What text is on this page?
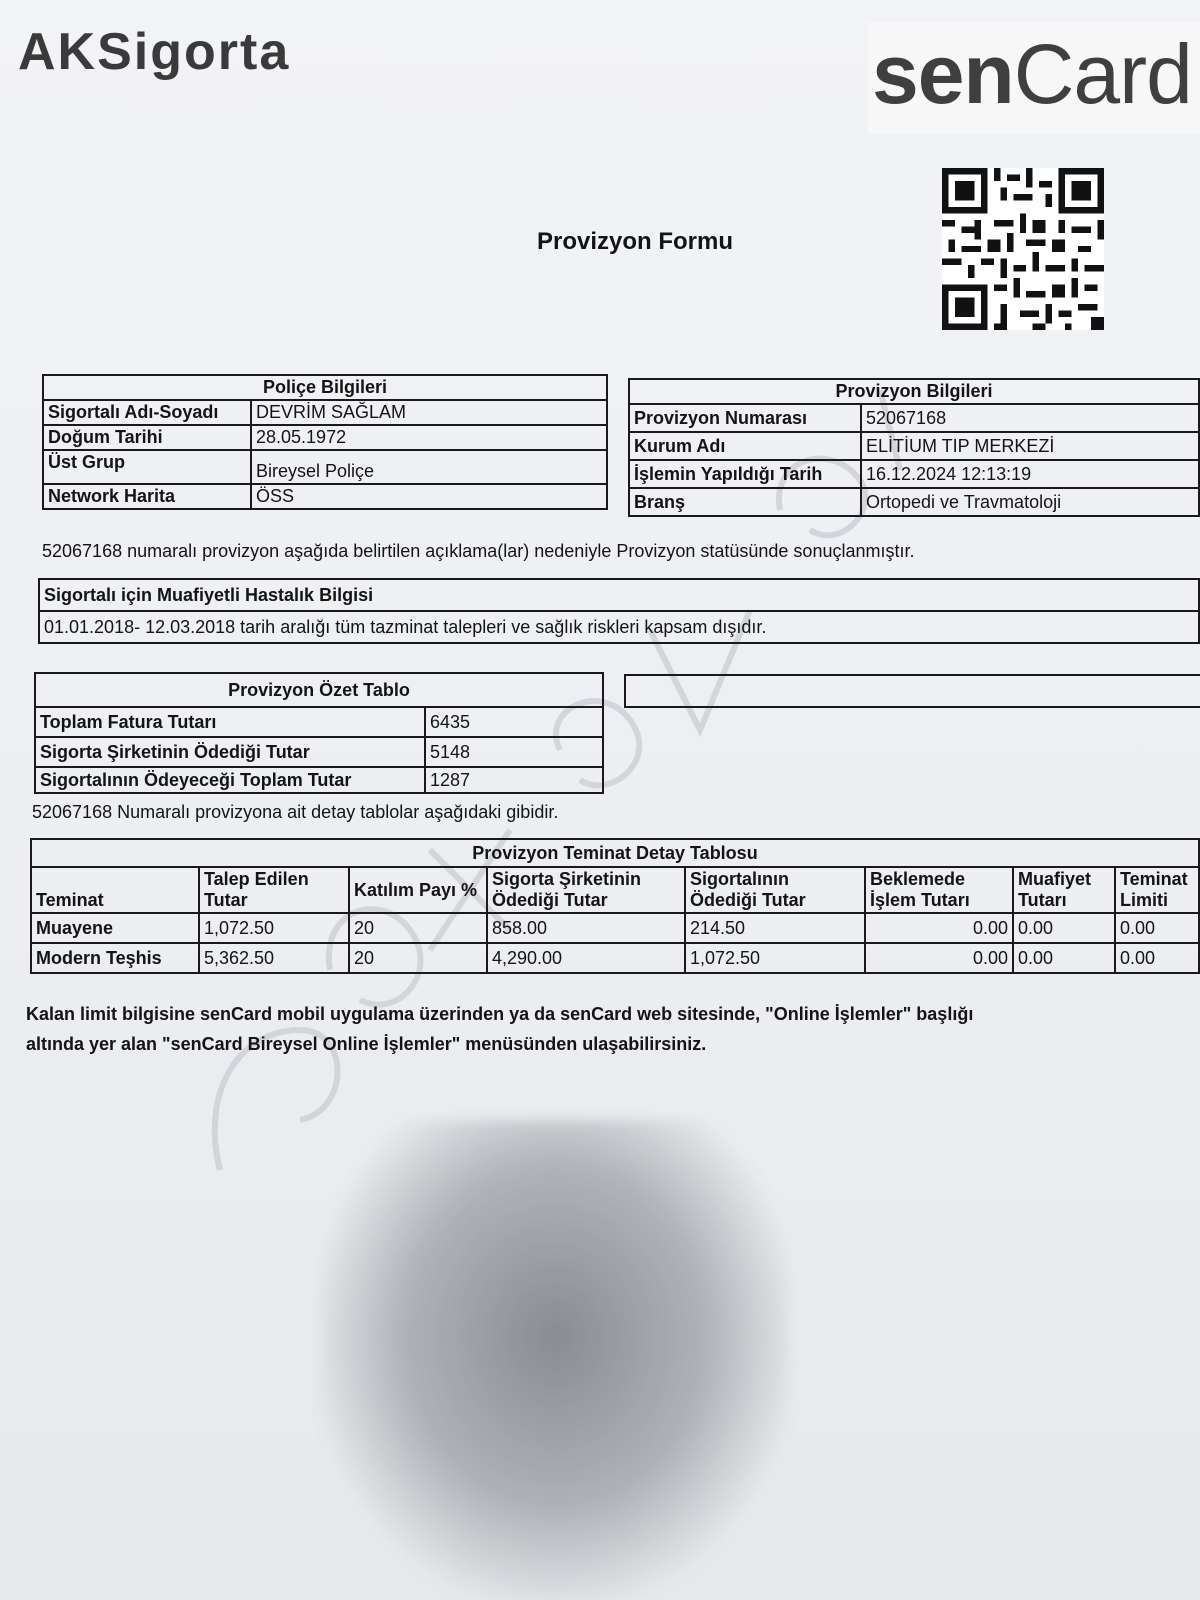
AKSigorta	senCard
Provizyon Formu
Poliçe Bilgileri	
Sigortalı Adı-Soyadı	DEVRİM SAĞLAM
Doğum Tarihi	28.05.1972
Üst Grup	Bireysel Poliçe
Network Harita	ÖSS
Provizyon Bilgileri	
Provizyon Numarası	52067168
Kurum Adı	ELİTİUM TIP MERKEZİ
İşlemin Yapıldığı Tarih	16.12.2024 12:13:19
Branş	Ortopedi ve Travmatoloji
52067168 numaralı provizyon aşağıda belirtilen açıklama(lar) nedeniyle Provizyon statüsünde sonuçlanmıştır.
Sigortalı için Muafiyetli Hastalık Bilgisi
01.01.2018- 12.03.2018 tarih aralığı tüm tazminat talepleri ve sağlık riskleri kapsam dışıdır.
Provizyon Özet Tablo	
Toplam Fatura Tutarı	6435
Sigorta Şirketinin Ödediği Tutar	5148
Sigortalının Ödeyeceği Toplam Tutar	1287
52067168 Numaralı provizyona ait detay tablolar aşağıdaki gibidir.
Provizyon Teminat Detay Tablosu							
Teminat	Talep Edilen Tutar	Katılım Payı %	Sigorta Şirketinin Ödediği Tutar	Sigortalının Ödediği Tutar	Beklemede İşlem Tutarı	Muafiyet Tutarı	Teminat Limiti
Muayene	1,072.50	20	858.00	214.50	0.00	0.00	0.00
Modern Teşhis	5,362.50	20	4,290.00	1,072.50	0.00	0.00	0.00
Kalan limit bilgisine senCard mobil uygulama üzerinden ya da senCard web sitesinde, "Online İşlemler" başlığı
altında yer alan "senCard Bireysel Online İşlemler" menüsünden ulaşabilirsiniz.
